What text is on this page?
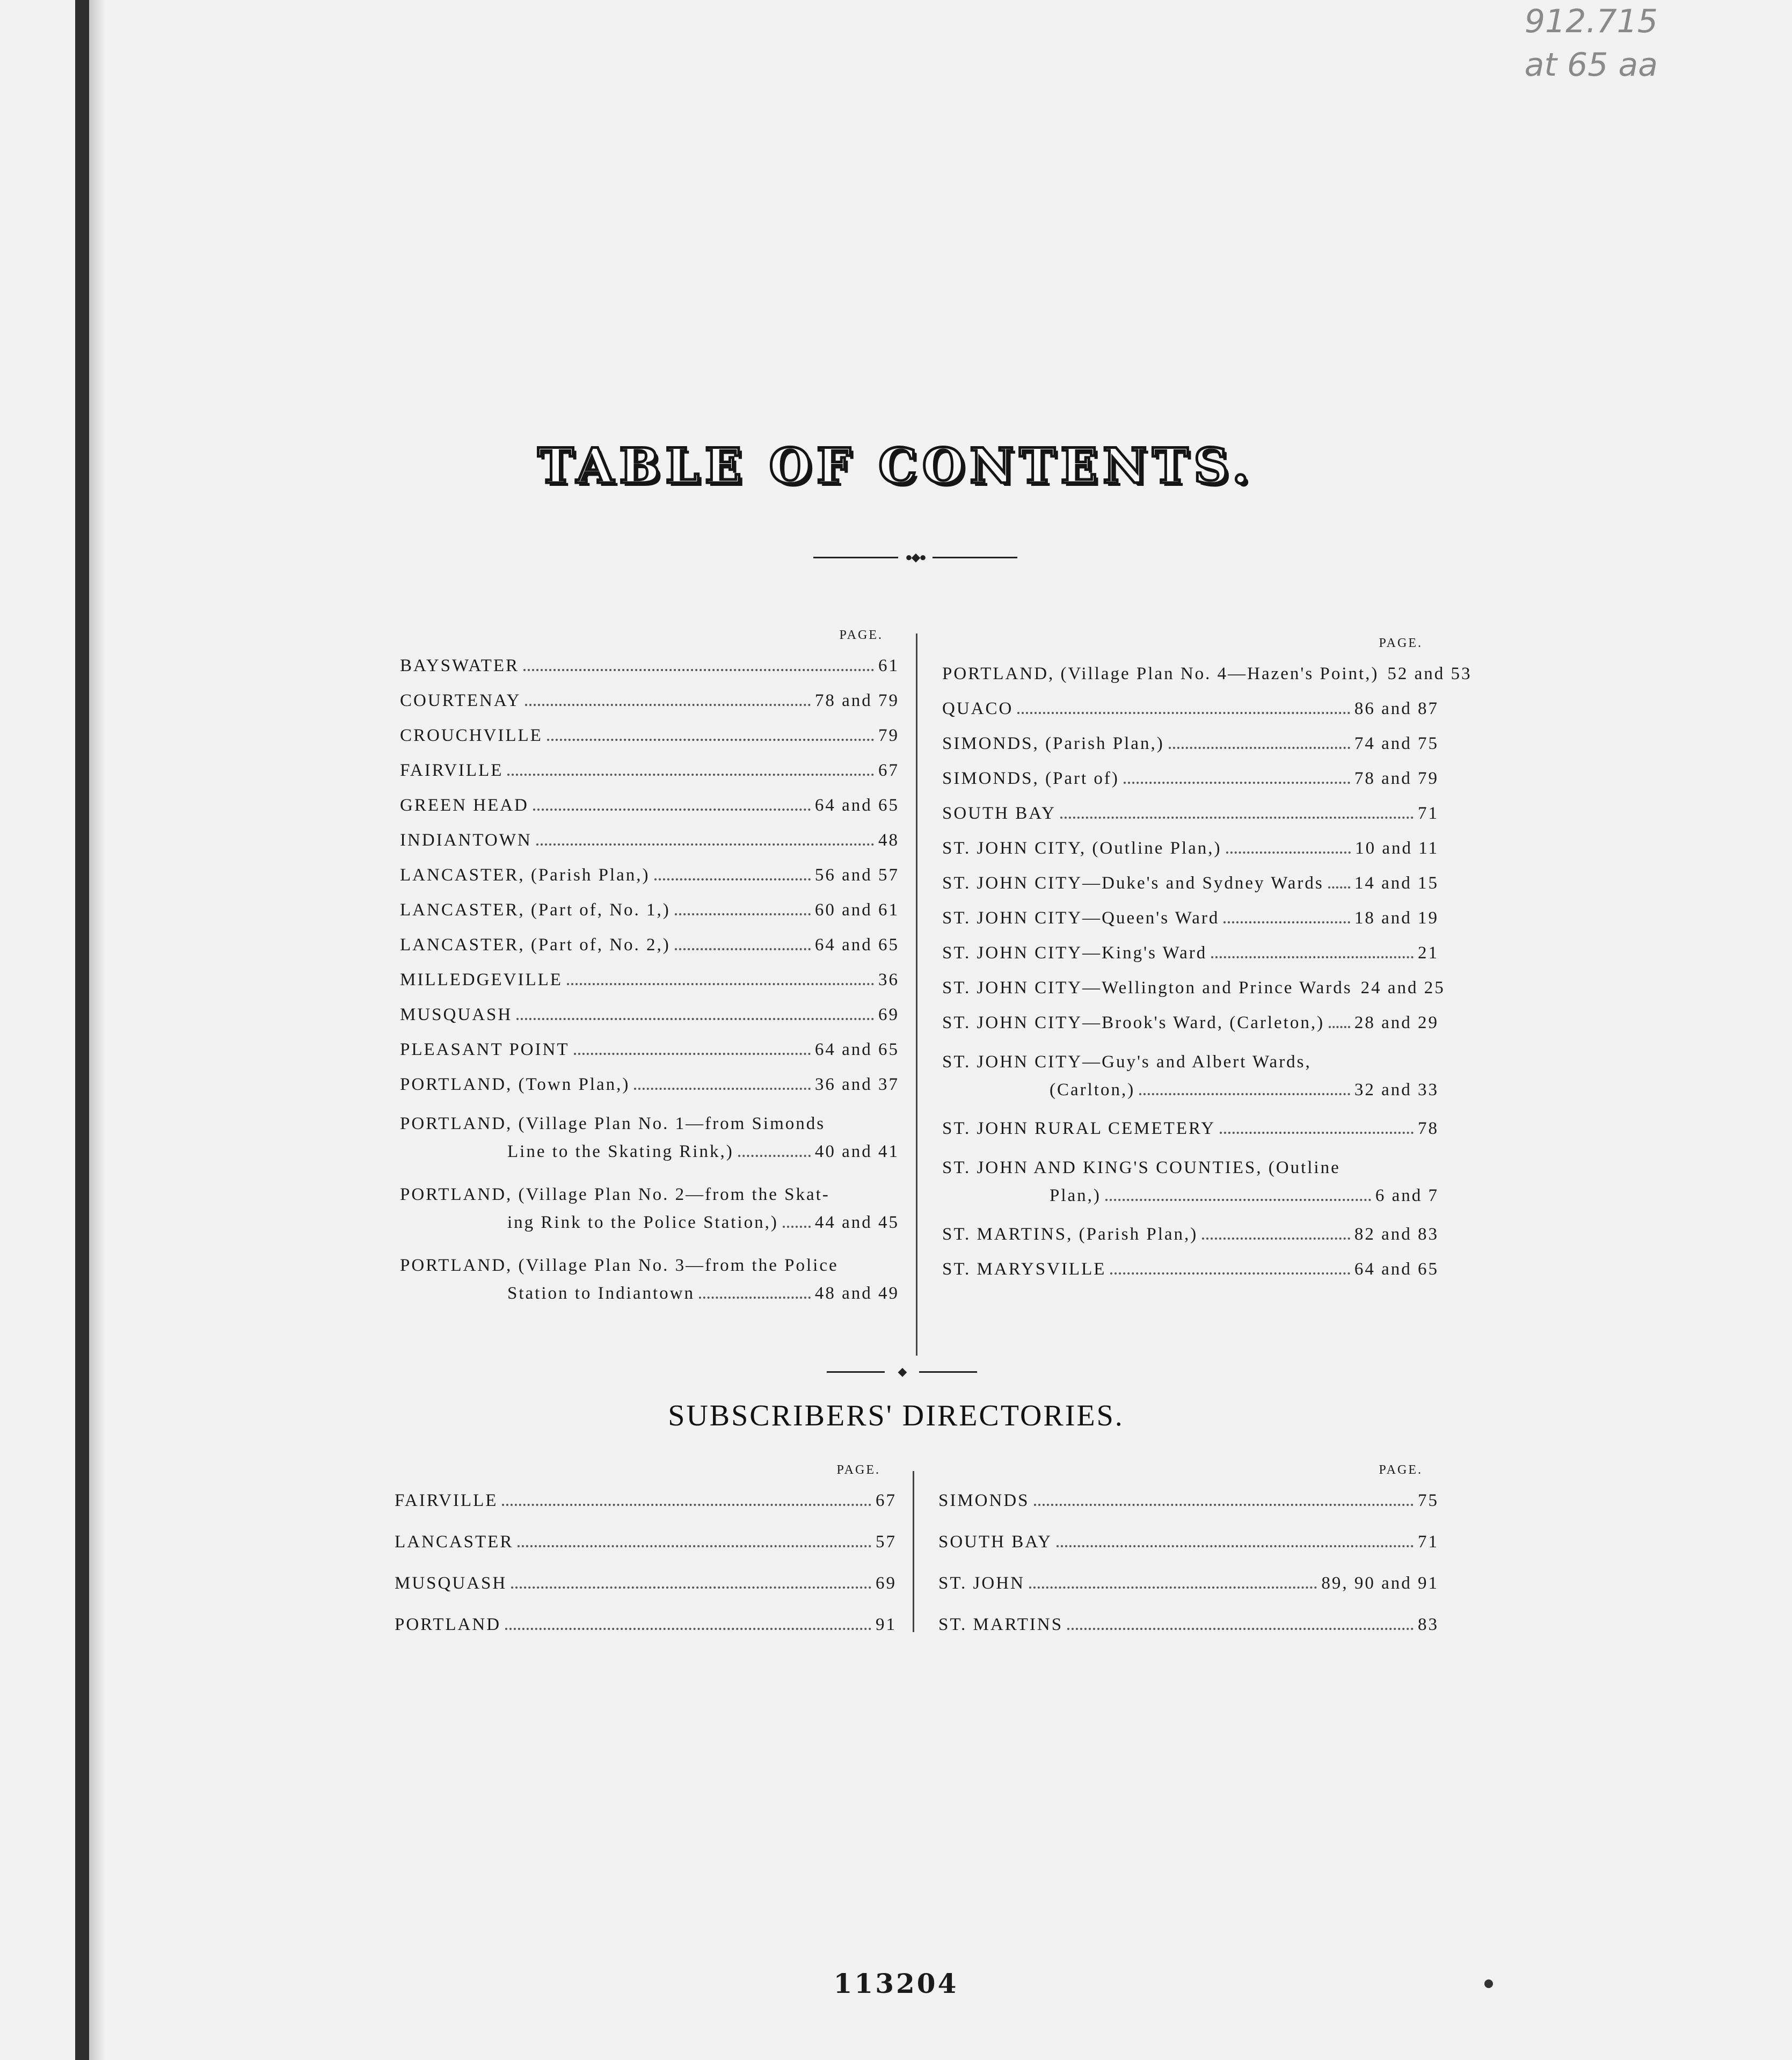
912.715
at 65 aa
TABLE OF CONTENTS.
●◆●
PAGE.
BAYSWATER	61
COURTENAY	78 and 79
CROUCHVILLE	79
FAIRVILLE	67
GREEN HEAD	64 and 65
INDIANTOWN	48
LANCASTER, (Parish Plan,)	56 and 57
LANCASTER, (Part of, No. 1,)	60 and 61
LANCASTER, (Part of, No. 2,)	64 and 65
MILLEDGEVILLE	36
MUSQUASH	69
PLEASANT POINT	64 and 65
PORTLAND, (Town Plan,)	36 and 37
PORTLAND, (Village Plan No. 1—from Simonds
Line to the Skating Rink,)	40 and 41
PORTLAND, (Village Plan No. 2—from the Skat-
ing Rink to the Police Station,) 44 and 45
PORTLAND, (Village Plan No. 3—from the Police
Station to Indiantown	48 and 49
PAGE.
PORTLAND, (Village Plan No. 4—Hazen's Point,) 52 and 53
QUACO	86 and 87
SIMONDS, (Parish Plan,)	74 and 75
SIMONDS, (Part of)	78 and 79
SOUTH BAY	71
ST. JOHN CITY, (Outline Plan,)	10 and 11
ST. JOHN CITY—Duke's and Sydney Wards 14 and 15
ST. JOHN CITY—Queen's Ward	18 and 19
ST. JOHN CITY—King's Ward	21
ST. JOHN CITY—Wellington and Prince Wards 24 and 25
ST. JOHN CITY—Brook's Ward, (Carleton,) 28 and 29
ST. JOHN CITY—Guy's and Albert Wards,
(Carlton,)	32 and 33
ST. JOHN RURAL CEMETERY	78
ST. JOHN AND KING'S COUNTIES, (Outline
Plan,)	6 and 7
ST. MARTINS, (Parish Plan,)	82 and 83
ST. MARYSVILLE	64 and 65
◆
SUBSCRIBERS' DIRECTORIES.
PAGE.
FAIRVILLE	67
LANCASTER	57
MUSQUASH	69
PORTLAND	91
PAGE.
SIMONDS	75
SOUTH BAY	71
ST. JOHN	89, 90 and 91
ST. MARTINS	83
113204
